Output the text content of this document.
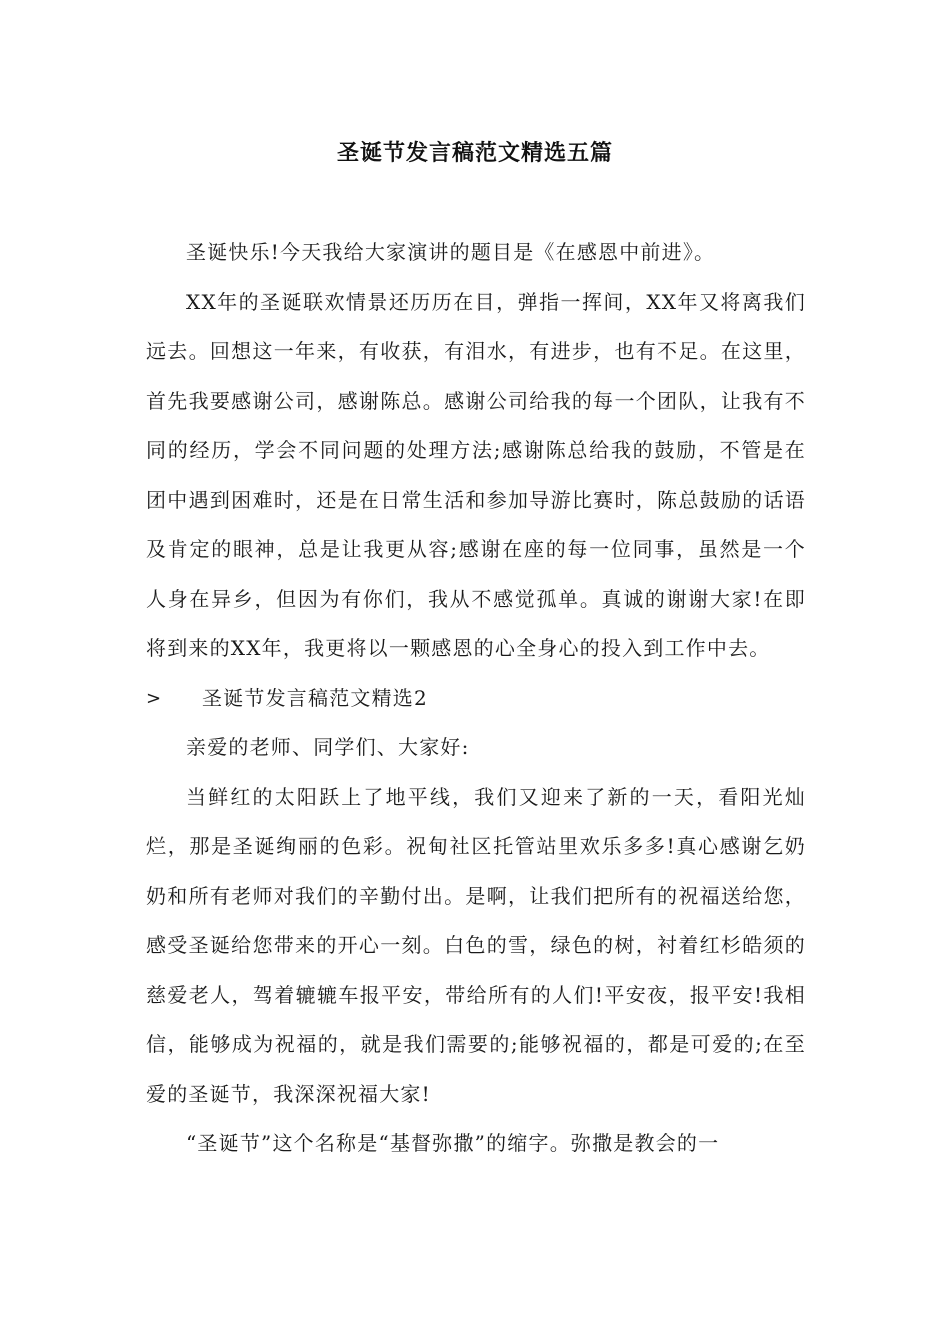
圣诞节发言稿范文精选五篇

圣诞快乐!今天我给大家演讲的题目是《在感恩中前进》。

XX年的圣诞联欢情景还历历在目，弹指一挥间，XX年又将离我们远去。回想这一年来，有收获，有泪水，有进步，也有不足。在这里，首先我要感谢公司，感谢陈总。感谢公司给我的每一个团队，让我有不同的经历，学会不同问题的处理方法;感谢陈总给我的鼓励，不管是在团中遇到困难时，还是在日常生活和参加导游比赛时，陈总鼓励的话语及肯定的眼神，总是让我更从容;感谢在座的每一位同事，虽然是一个人身在异乡，但因为有你们，我从不感觉孤单。真诚的谢谢大家!在即将到来的XX年，我更将以一颗感恩的心全身心的投入到工作中去。

>	圣诞节发言稿范文精选2

亲爱的老师、同学们、大家好:

当鲜红的太阳跃上了地平线，我们又迎来了新的一天，看阳光灿烂，那是圣诞绚丽的色彩。祝甸社区托管站里欢乐多多!真心感谢乞奶奶和所有老师对我们的辛勤付出。是啊，让我们把所有的祝福送给您，感受圣诞给您带来的开心一刻。白色的雪，绿色的树，衬着红杉皓须的慈爱老人，驾着辘辘车报平安，带给所有的人们!平安夜，报平安!我相信，能够成为祝福的，就是我们需要的;能够祝福的，都是可爱的;在至爱的圣诞节，我深深祝福大家!

“圣诞节”这个名称是“基督弥撒”的缩字。弥撒是教会的一
